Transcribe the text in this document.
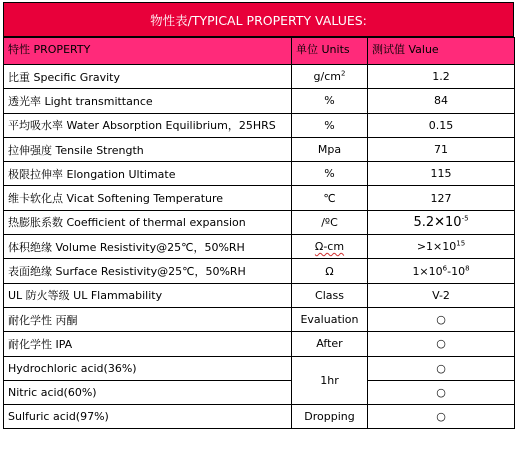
物性表/TYPICAL PROPERTY VALUES:
特性 PROPERTY	单位 Units	测试值 Value
比重 Specific Gravity	$g/cm^2$	1.2
透光率 Light transmittance	%	84
平均吸水率 Water Absorption Equilibrium，25HRS	%	0.15
拉伸强度 Tensile Strength	Mpa	71
极限拉伸率 Elongation Ultimate	%	115
维卡软化点 Vicat Softening Temperature	℃	127
热膨胀系数 Coefficient of thermal expansion	/ºC	$5.2✕10^{-5}$
体积绝缘 Volume Resistivity@25℃，50%RH	Ω-cm	$>1\times 10^{15}$
表面绝缘 Surface Resistivity@25℃，50%RH	Ω	$1\times 10^6-10^8$
UL 防火等级 UL Flammability	Class	V-2
耐化学性 丙酮	Evaluation	○
耐化学性 IPA	After	○
Hydrochloric acid(36%)	1hr	○
Nitric acid(60%)		○
Sulfuric acid(97%)	Dropping	○
